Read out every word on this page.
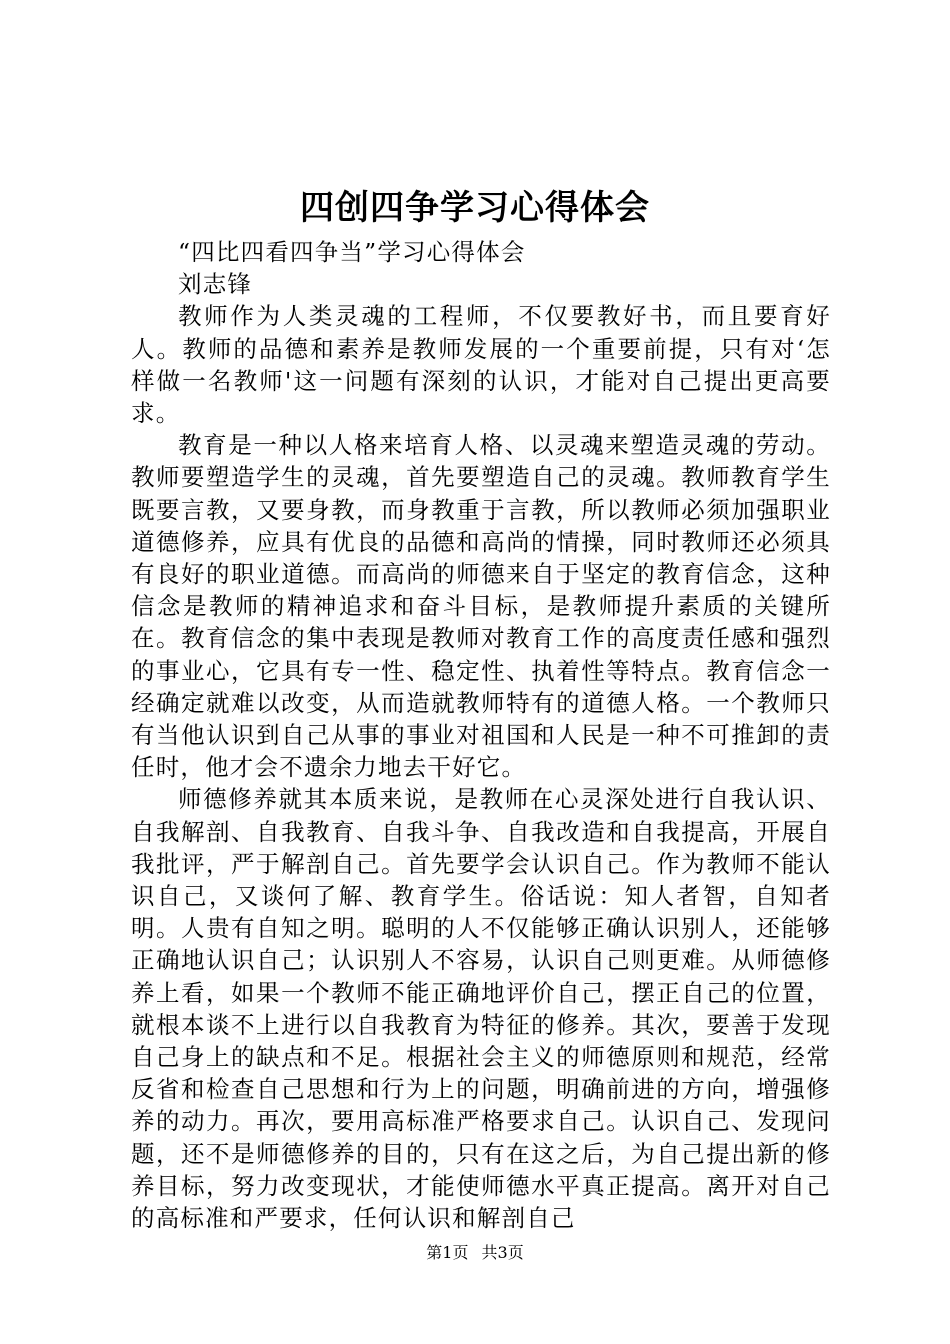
四创四争学习心得体会

“四比四看四争当”学习心得体会

刘志锋

教师作为人类灵魂的工程师，不仅要教好书，而且要育好人。教师的品德和素养是教师发展的一个重要前提，只有对‘怎样做一名教师'这一问题有深刻的认识，才能对自己提出更高要求。

教育是一种以人格来培育人格、以灵魂来塑造灵魂的劳动。教师要塑造学生的灵魂，首先要塑造自己的灵魂。教师教育学生既要言教，又要身教，而身教重于言教，所以教师必须加强职业道德修养，应具有优良的品德和高尚的情操，同时教师还必须具有良好的职业道德。而高尚的师德来自于坚定的教育信念，这种信念是教师的精神追求和奋斗目标，是教师提升素质的关键所在。教育信念的集中表现是教师对教育工作的高度责任感和强烈的事业心，它具有专一性、稳定性、执着性等特点。教育信念一经确定就难以改变，从而造就教师特有的道德人格。一个教师只有当他认识到自己从事的事业对祖国和人民是一种不可推卸的责任时，他才会不遗余力地去干好它。

师德修养就其本质来说，是教师在心灵深处进行自我认识、自我解剖、自我教育、自我斗争、自我改造和自我提高，开展自我批评，严于解剖自己。首先要学会认识自己。作为教师不能认识自己，又谈何了解、教育学生。俗话说：知人者智，自知者明。人贵有自知之明。聪明的人不仅能够正确认识别人，还能够正确地认识自己；认识别人不容易，认识自己则更难。从师德修养上看，如果一个教师不能正确地评价自己，摆正自己的位置，就根本谈不上进行以自我教育为特征的修养。其次，要善于发现自己身上的缺点和不足。根据社会主义的师德原则和规范，经常反省和检查自己思想和行为上的问题，明确前进的方向，增强修养的动力。再次，要用高标准严格要求自己。认识自己、发现问题，还不是师德修养的目的，只有在这之后，为自己提出新的修养目标，努力改变现状，才能使师德水平真正提高。离开对自己的高标准和严要求，任何认识和解剖自己

第1页 共3页
